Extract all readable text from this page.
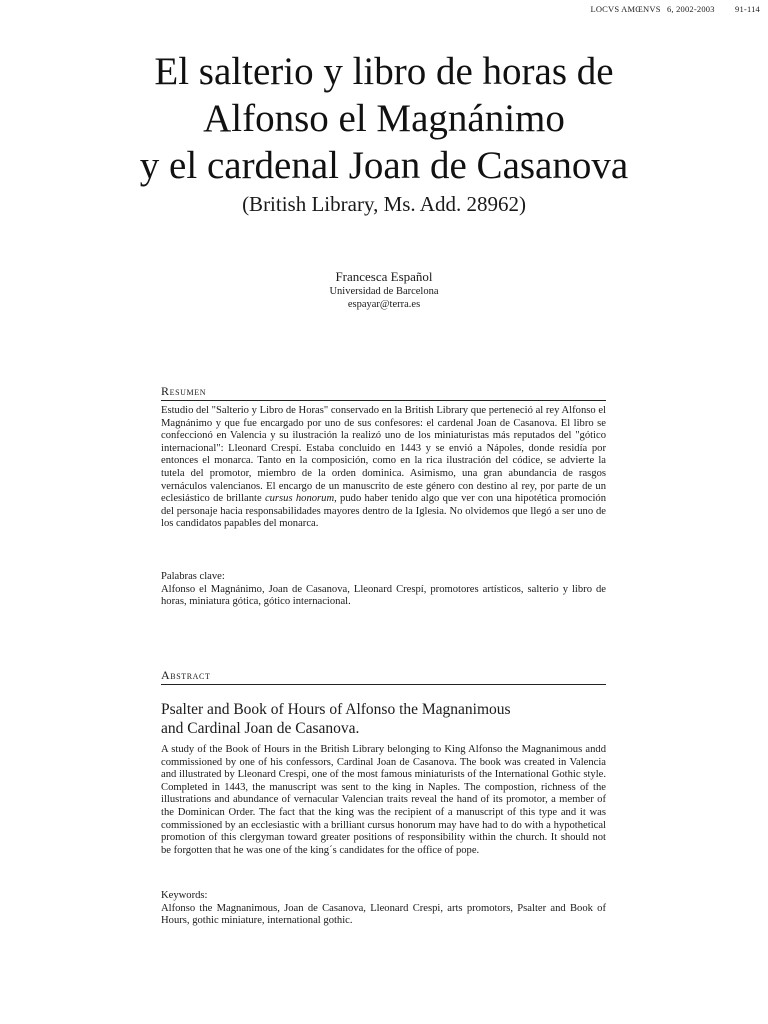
LOCVS AMŒNVS 6, 2002-2003 91-114
El salterio y libro de horas de
Alfonso el Magnánimo
y el cardenal Joan de Casanova
(British Library, Ms. Add. 28962)
Francesca Español
Universidad de Barcelona
espayar@terra.es
Resumen

Estudio del "Salterio y Libro de Horas" conservado en la British Library que perteneció al rey Alfonso el Magnánimo y que fue encargado por uno de sus confesores: el cardenal Joan de Casanova. El libro se confeccionó en Valencia y su ilustración la realizó uno de los miniaturistas más reputados del "gótico internacional": Lleonard Crespí. Estaba concluido en 1443 y se envió a Nápoles, donde residía por entonces el monarca. Tanto en la composición, como en la rica ilustración del códice, se advierte la tutela del promotor, miembro de la orden dominica. Asimismo, una gran abundancia de rasgos vernáculos valencianos. El encargo de un manuscrito de este género con destino al rey, por parte de un eclesiástico de brillante cursus honorum, pudo haber tenido algo que ver con una hipotética promoción del personaje hacia responsabilidades mayores dentro de la Iglesia. No olvidemos que llegó a ser uno de los candidatos papables del monarca.

Palabras clave:

Alfonso el Magnánimo, Joan de Casanova, Lleonard Crespí, promotores artísticos, salterio y libro de horas, miniatura gótica, gótico internacional.

Abstract
Psalter and Book of Hours of Alfonso the Magnanimous
and Cardinal Joan de Casanova.

A study of the Book of Hours in the British Library belonging to King Alfonso the Magnanimous andd commissioned by one of his confessors, Cardinal Joan de Casanova. The book was created in Valencia and illustrated by Lleonard Crespi, one of the most famous miniaturists of the International Gothic style. Completed in 1443, the manuscript was sent to the king in Naples. The compostion, richness of the illustrations and abundance of vernacular Valencian traits reveal the hand of its promotor, a member of the Dominican Order. The fact that the king was the recipient of a manuscript of this type and it was commissioned by an ecclesiastic with a brilliant cursus honorum may have had to do with a hypothetical promotion of this clergyman toward greater positions of responsibility within the church. It should not be forgotten that he was one of the king´s candidates for the office of pope.

Keywords:

Alfonso the Magnanimous, Joan de Casanova, Lleonard Crespi, arts promotors, Psalter and Book of Hours, gothic miniature, international gothic.
